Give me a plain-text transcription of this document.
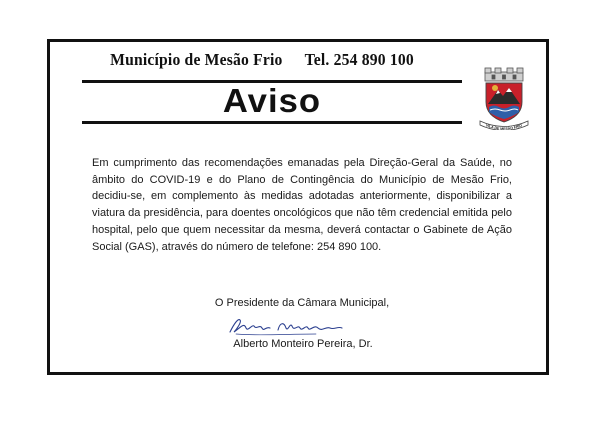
Município de Mesão Frio Tel. 254 890 100
Aviso
VILA DE MESÃO FRIO
Em cumprimento das recomendações emanadas pela Direção-Geral da Saúde, no âmbito do COVID-19 e do Plano de Contingência do Município de Mesão Frio, decidiu-se, em complemento às medidas adotadas anteriormente, disponibilizar a viatura da presidência, para doentes oncológicos que não têm credencial emitida pelo hospital, pelo que quem necessitar da mesma, deverá contactar o Gabinete de Ação Social (GAS), através do número de telefone: 254 890 100.
O Presidente da Câmara Municipal,
Alberto Monteiro Pereira, Dr.
